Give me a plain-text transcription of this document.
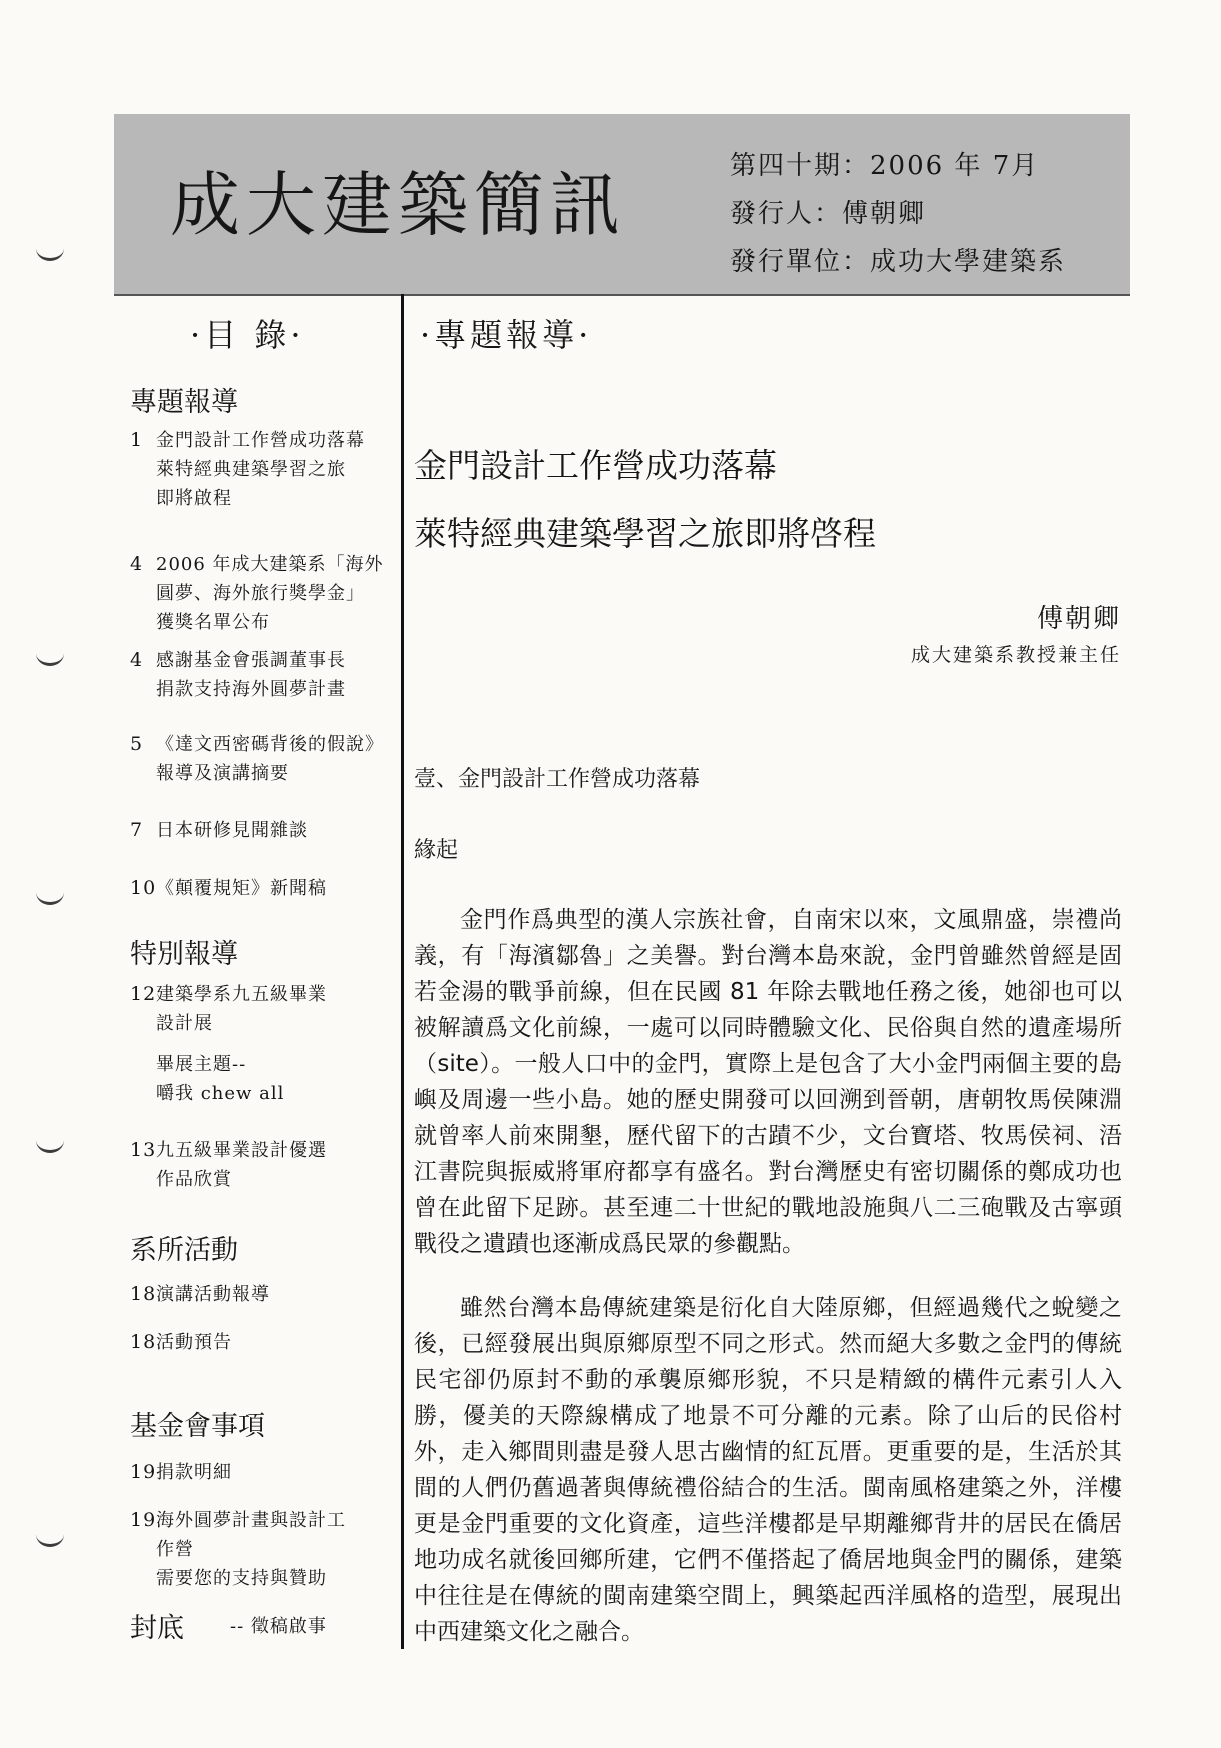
成大建築簡訊	第四十期：2006 年 7月
發行人：傅朝卿
發行單位：成功大學建築系
·目 錄·
專題報導
1 金門設計工作營成功落幕
萊特經典建築學習之旅
即將啟程
4 2006 年成大建築系「海外
圓夢、海外旅行獎學金」
獲獎名單公布
4 感謝基金會張調董事長
捐款支持海外圓夢計畫
5 《達文西密碼背後的假說》
報導及演講摘要
7 日本研修見聞雜談
10《顛覆規矩》新聞稿
特別報導
12建築學系九五級畢業
設計展
畢展主題--
嚼我 chew all
13九五級畢業設計優選
作品欣賞
系所活動
18演講活動報導
18活動預告
基金會事項
19捐款明細
19海外圓夢計畫與設計工
作營
需要您的支持與贊助
封底	-- 徵稿啟事
·專題報導·
金門設計工作營成功落幕
萊特經典建築學習之旅即將啓程
傅朝卿
成大建築系教授兼主任
壹、金門設計工作營成功落幕
緣起

金門作爲典型的漢人宗族社會，自南宋以來，文風鼎盛，崇禮尚義，有「海濱鄒魯」之美譽。對台灣本島來說，金門曾雖然曾經是固若金湯的戰爭前線，但在民國 81 年除去戰地任務之後，她卻也可以被解讀爲文化前線，一處可以同時體驗文化、民俗與自然的遺產場所（site）。一般人口中的金門，實際上是包含了大小金門兩個主要的島嶼及周邊一些小島。她的歷史開發可以回溯到晉朝，唐朝牧馬侯陳淵就曾率人前來開墾，歷代留下的古蹟不少，文台寶塔、牧馬侯祠、浯江書院與振威將軍府都享有盛名。對台灣歷史有密切關係的鄭成功也曾在此留下足跡。甚至連二十世紀的戰地設施與八二三砲戰及古寧頭戰役之遺蹟也逐漸成爲民眾的參觀點。

雖然台灣本島傳統建築是衍化自大陸原鄉，但經過幾代之蛻變之後，已經發展出與原鄉原型不同之形式。然而絕大多數之金門的傳統民宅卻仍原封不動的承襲原鄉形貌，不只是精緻的構件元素引人入勝，優美的天際線構成了地景不可分離的元素。除了山后的民俗村外，走入鄉間則盡是發人思古幽情的紅瓦厝。更重要的是，生活於其間的人們仍舊過著與傳統禮俗結合的生活。閩南風格建築之外，洋樓更是金門重要的文化資產，這些洋樓都是早期離鄉背井的居民在僑居地功成名就後回鄉所建，它們不僅搭起了僑居地與金門的關係，建築中往往是在傳統的閩南建築空間上，興築起西洋風格的造型，展現出中西建築文化之融合。
